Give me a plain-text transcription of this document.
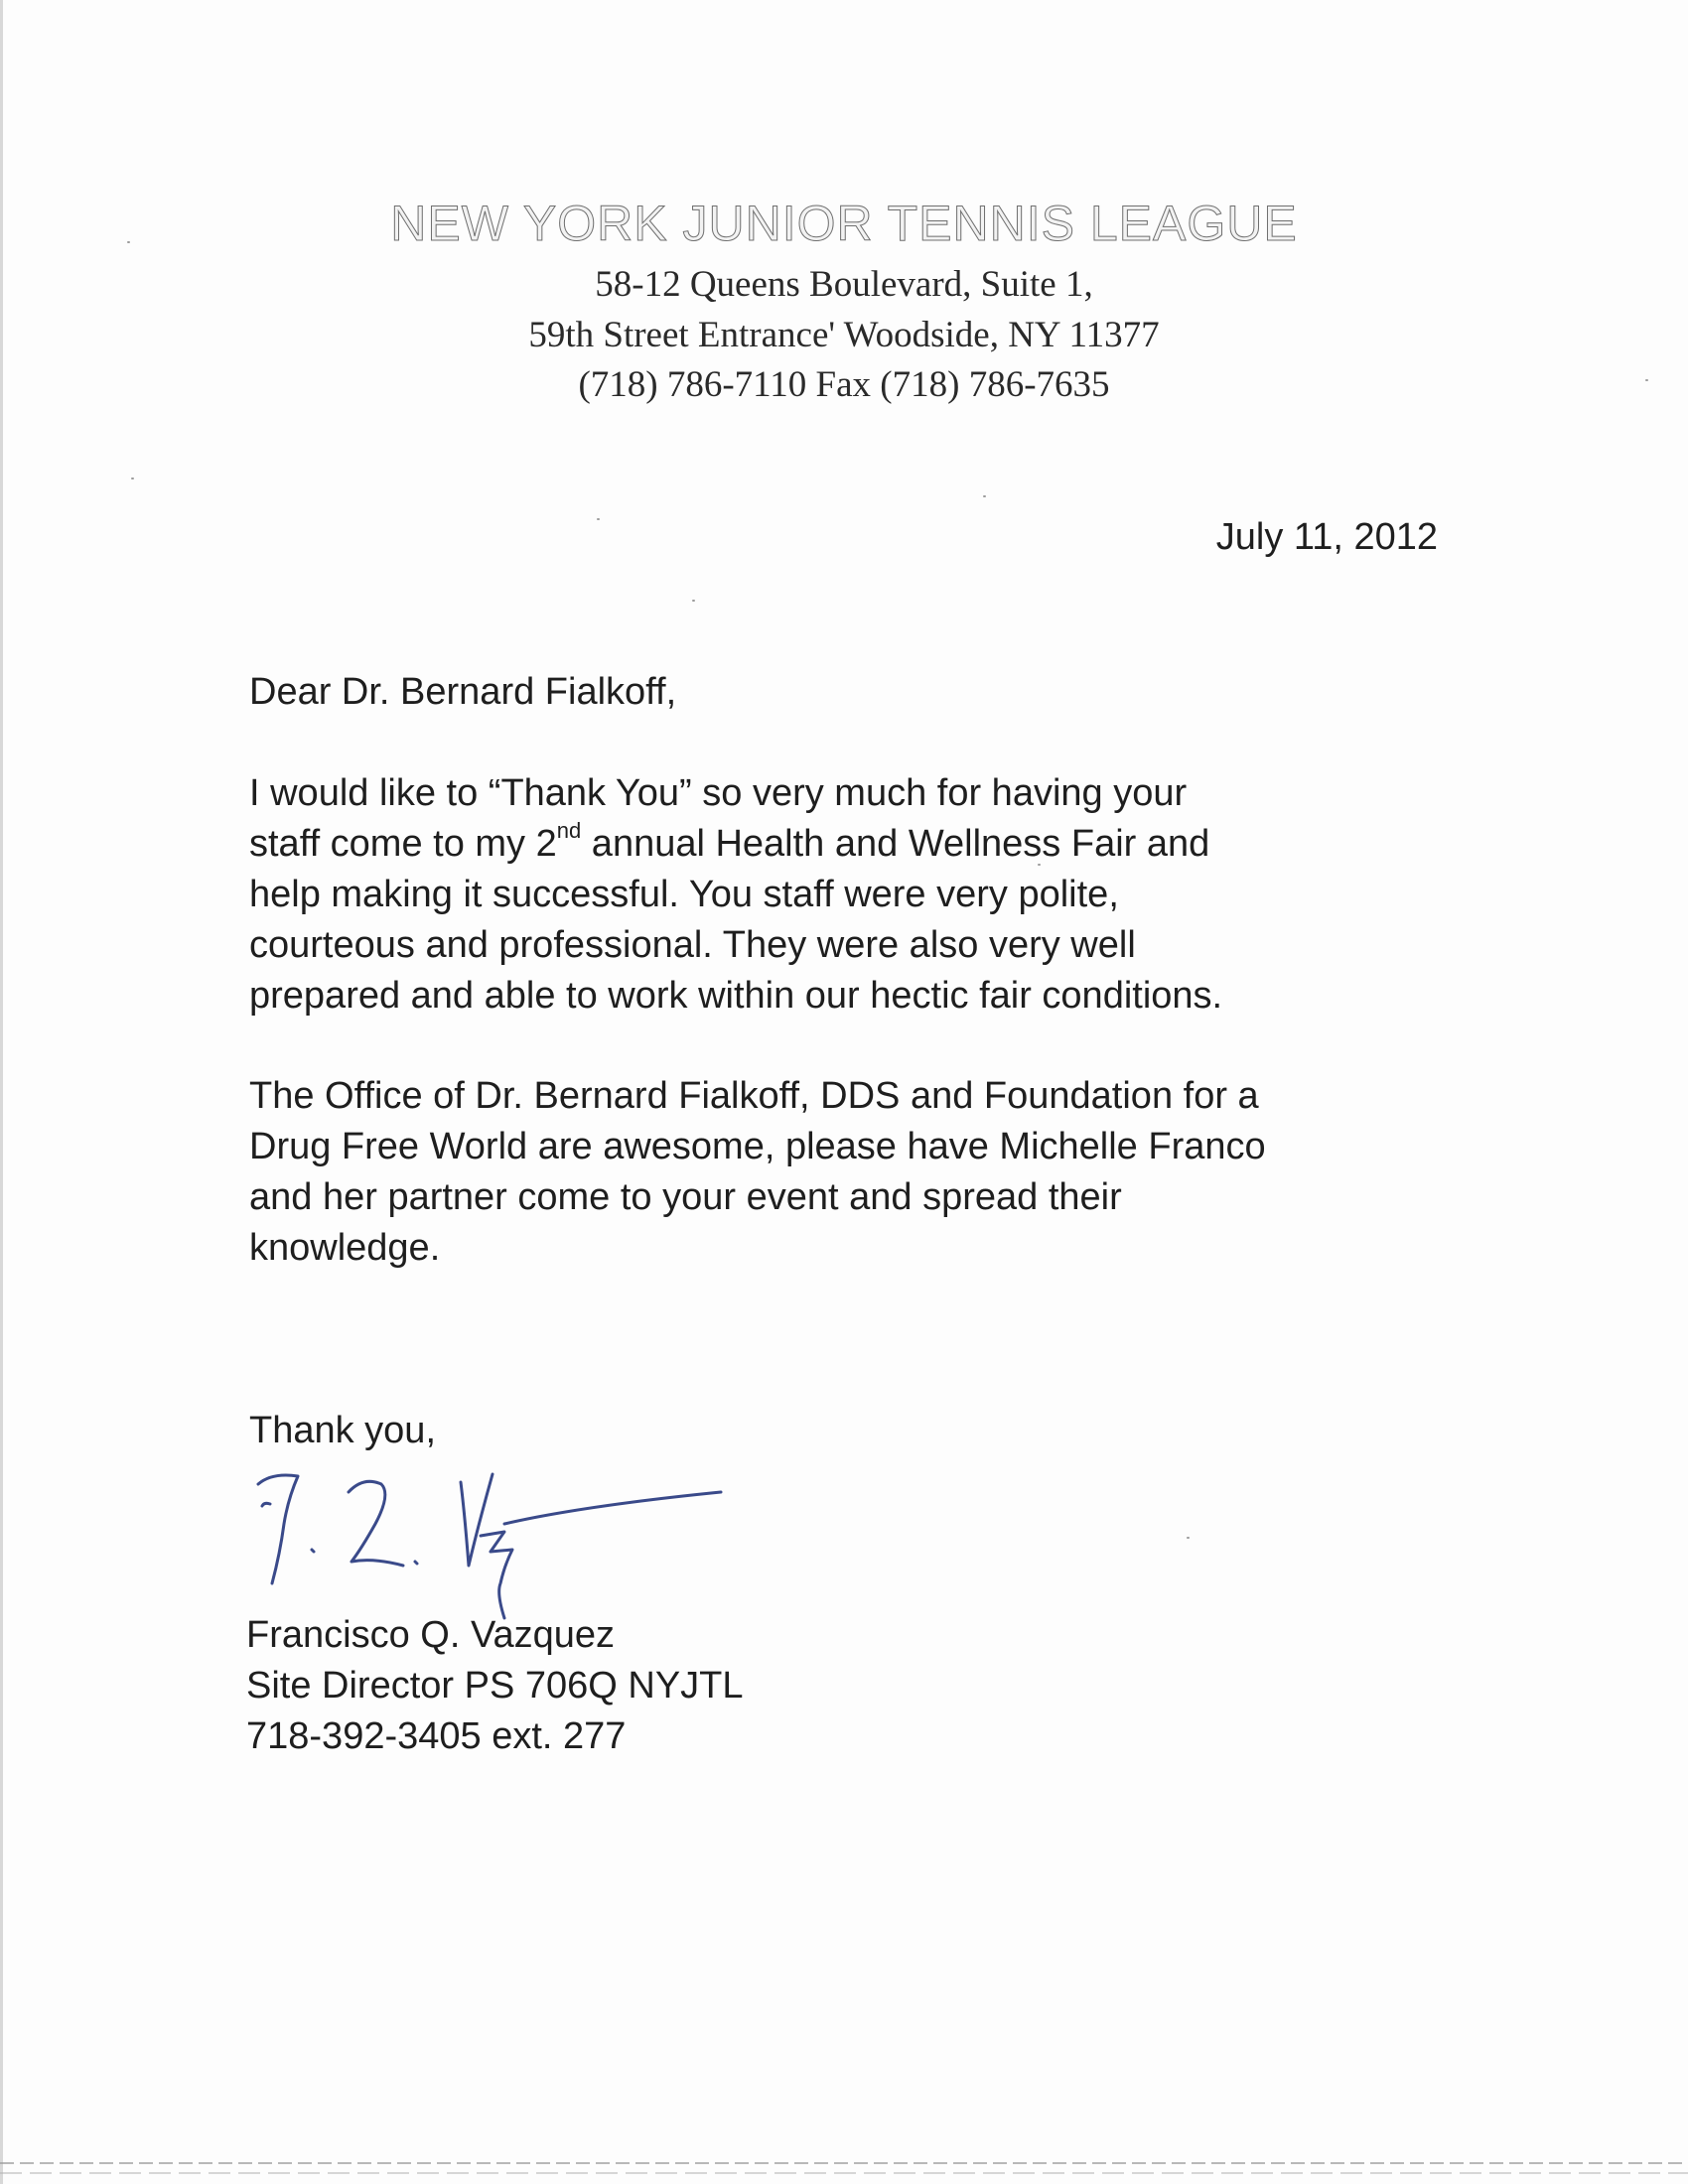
NEW YORK JUNIOR TENNIS LEAGUE
58-12 Queens Boulevard, Suite 1,
59th Street Entrance' Woodside, NY 11377
(718) 786-7110 Fax (718) 786-7635
July 11, 2012
Dear Dr. Bernard Fialkoff,
I would like to “Thank You” so very much for having your
staff come to my 2nd annual Health and Wellness Fair and
help making it successful. You staff were very polite,
courteous and professional. They were also very well
prepared and able to work within our hectic fair conditions.
The Office of Dr. Bernard Fialkoff, DDS and Foundation for a
Drug Free World are awesome, please have Michelle Franco
and her partner come to your event and spread their
knowledge.
Thank you,
Francisco Q. Vazquez
Site Director PS 706Q NYJTL
718-392-3405 ext. 277
